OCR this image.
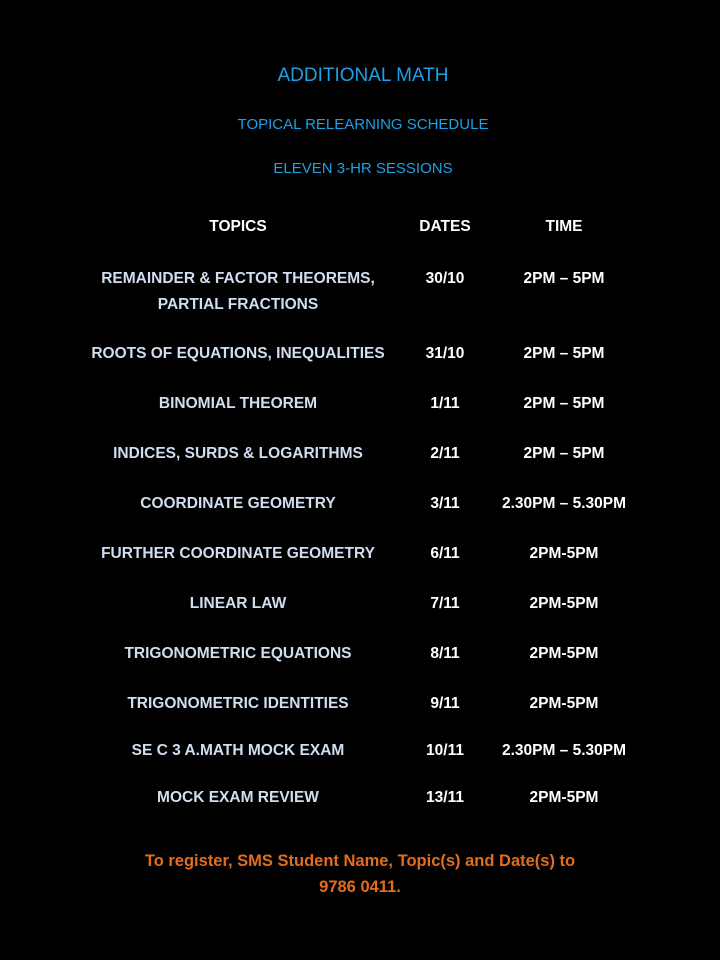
ADDITIONAL MATH
TOPICAL RELEARNING SCHEDULE
ELEVEN 3-HR SESSIONS
TOPICS	DATES	TIME
REMAINDER & FACTOR THEOREMS,
PARTIAL FRACTIONS
30/10	2PM – 5PM
ROOTS OF EQUATIONS, INEQUALITIES	31/10	2PM – 5PM
BINOMIAL THEOREM	1/11	2PM – 5PM
INDICES, SURDS & LOGARITHMS	2/11	2PM – 5PM
COORDINATE GEOMETRY	3/11	2.30PM – 5.30PM
FURTHER COORDINATE GEOMETRY	6/11	2PM-5PM
LINEAR LAW	7/11	2PM-5PM
TRIGONOMETRIC EQUATIONS	8/11	2PM-5PM
TRIGONOMETRIC IDENTITIES	9/11	2PM-5PM
SE C 3 A.MATH MOCK EXAM	10/11	2.30PM – 5.30PM
MOCK EXAM REVIEW	13/11	2PM-5PM
To register, SMS Student Name, Topic(s) and Date(s) to
9786 0411.
